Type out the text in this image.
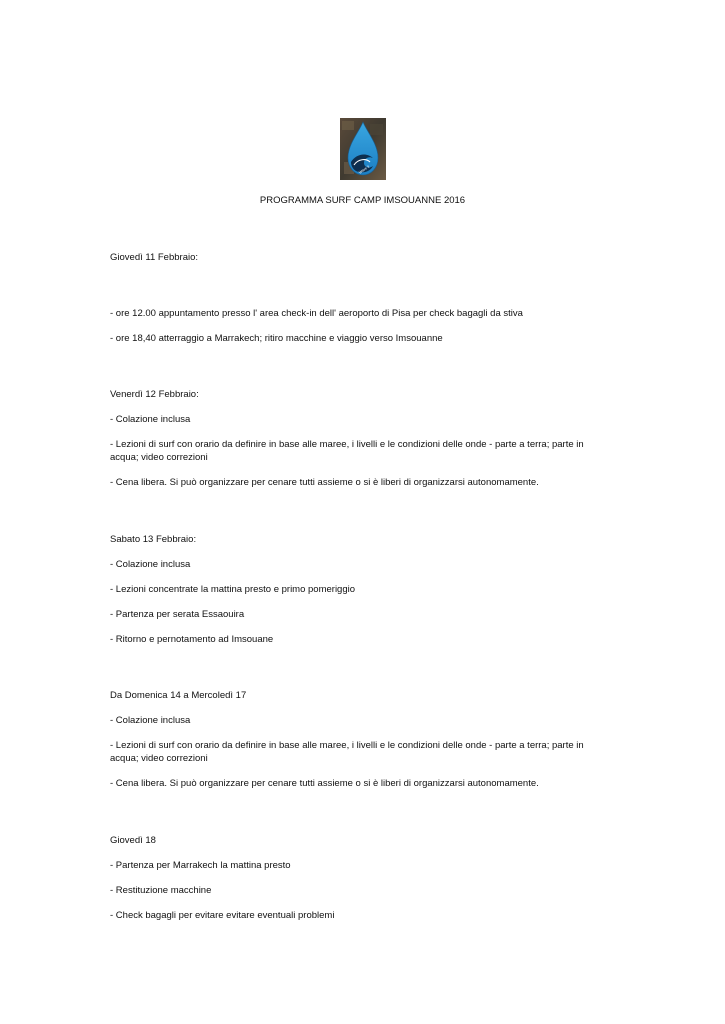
Wave it
PROGRAMMA SURF CAMP IMSOUANNE 2016
Giovedì 11 Febbraio:
- ore 12.00 appuntamento presso l' area check-in dell' aeroporto di Pisa per check bagagli da stiva
- ore 18,40 atterraggio a Marrakech; ritiro macchine e viaggio verso Imsouanne
Venerdì 12 Febbraio:
- Colazione inclusa
- Lezioni di surf con orario da definire in base alle maree, i livelli e le condizioni delle onde - parte a terra; parte in acqua; video correzioni
- Cena libera. Si può organizzare per cenare tutti assieme o si è liberi di organizzarsi autonomamente.
Sabato 13 Febbraio:
- Colazione inclusa
- Lezioni concentrate la mattina presto e primo pomeriggio
- Partenza per serata Essaouira
- Ritorno e pernotamento ad Imsouane
Da Domenica 14 a Mercoledì 17
- Colazione inclusa
- Lezioni di surf con orario da definire in base alle maree, i livelli e le condizioni delle onde - parte a terra; parte in acqua; video correzioni
- Cena libera. Si può organizzare per cenare tutti assieme o si è liberi di organizzarsi autonomamente.
Giovedì 18
- Partenza per Marrakech la mattina presto
- Restituzione macchine
- Check bagagli per evitare evitare eventuali problemi
